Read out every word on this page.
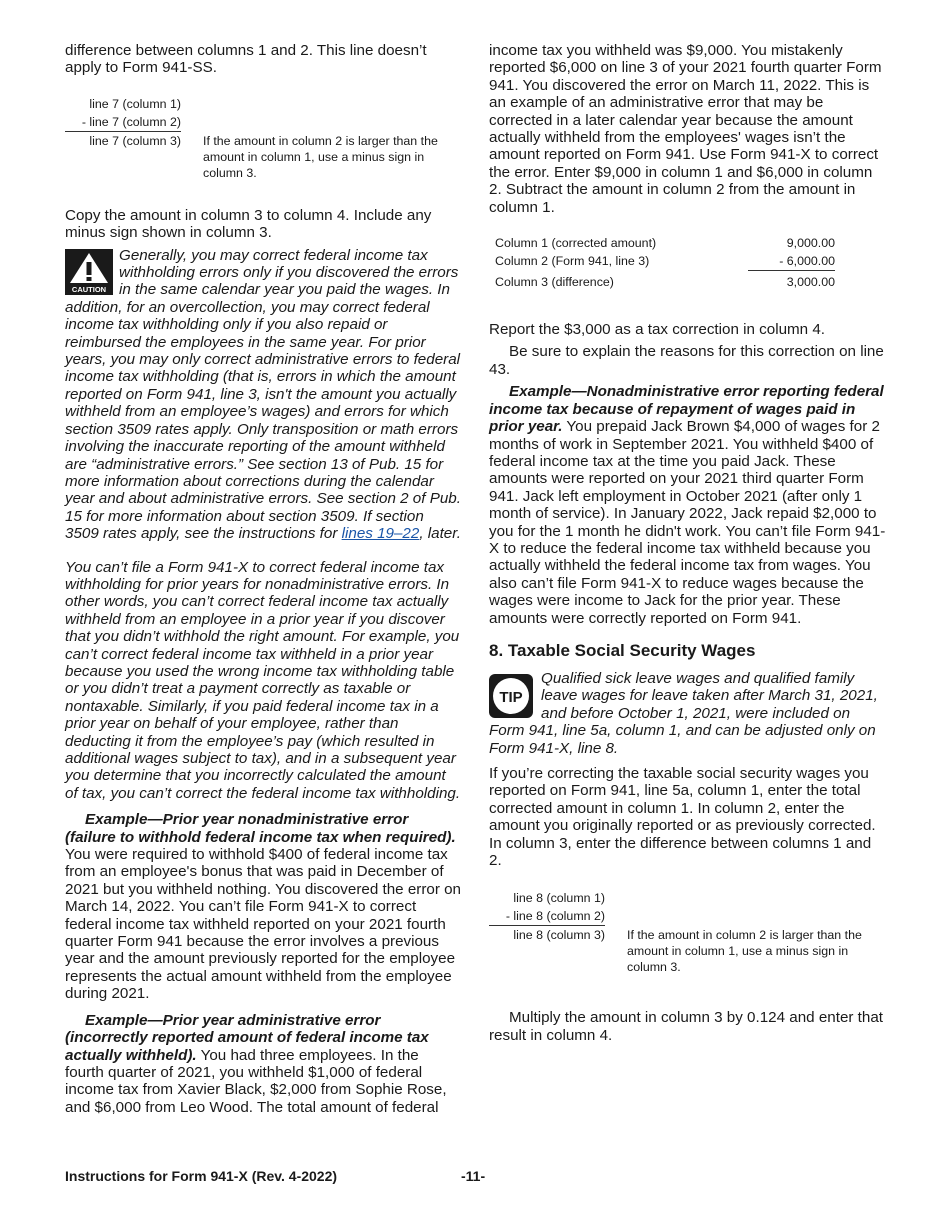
difference between columns 1 and 2. This line doesn’t apply to Form 941-SS.

line 7 (column 1)
- line 7 (column 2)
line 7 (column 3) If the amount in column 2 is larger than the amount in column 1, use a minus sign in column 3.

Copy the amount in column 3 to column 4. Include any minus sign shown in column 3.

CAUTION

Generally, you may correct federal income tax withholding errors only if you discovered the errors in the same calendar year you paid the wages. In addition, for an overcollection, you may correct federal income tax withholding only if you also repaid or reimbursed the employees in the same year. For prior years, you may only correct administrative errors to federal income tax withholding (that is, errors in which the amount reported on Form 941, line 3, isn't the amount you actually withheld from an employee’s wages) and errors for which section 3509 rates apply. Only transposition or math errors involving the inaccurate reporting of the amount withheld are “administrative errors.” See section 13 of Pub. 15 for more information about corrections during the calendar year and about administrative errors. See section 2 of Pub. 15 for more information about section 3509. If section 3509 rates apply, see the instructions for lines 19–22, later.

You can’t file a Form 941-X to correct federal income tax withholding for prior years for nonadministrative errors. In other words, you can’t correct federal income tax actually withheld from an employee in a prior year if you discover that you didn’t withhold the right amount. For example, you can’t correct federal income tax withheld in a prior year because you used the wrong income tax withholding table or you didn’t treat a payment correctly as taxable or nontaxable. Similarly, if you paid federal income tax in a prior year on behalf of your employee, rather than deducting it from the employee’s pay (which resulted in additional wages subject to tax), and in a subsequent year you determine that you incorrectly calculated the amount of tax, you can’t correct the federal income tax withholding.

Example—Prior year nonadministrative error (failure to withhold federal income tax when required). You were required to withhold $400 of federal income tax from an employee's bonus that was paid in December of 2021 but you withheld nothing. You discovered the error on March 14, 2022. You can’t file Form 941-X to correct federal income tax withheld reported on your 2021 fourth quarter Form 941 because the error involves a previous year and the amount previously reported for the employee represents the actual amount withheld from the employee during 2021.

Example—Prior year administrative error (incorrectly reported amount of federal income tax actually withheld). You had three employees. In the fourth quarter of 2021, you withheld $1,000 of federal income tax from Xavier Black, $2,000 from Sophie Rose, and $6,000 from Leo Wood. The total amount of federal

income tax you withheld was $9,000. You mistakenly reported $6,000 on line 3 of your 2021 fourth quarter Form 941. You discovered the error on March 11, 2022. This is an example of an administrative error that may be corrected in a later calendar year because the amount actually withheld from the employees' wages isn’t the amount reported on Form 941. Use Form 941-X to correct the error. Enter $9,000 in column 1 and $6,000 in column 2. Subtract the amount in column 2 from the amount in column 1.

Column 1 (corrected amount)	9,000.00
Column 2 (Form 941, line 3)	- 6,000.00
Column 3 (difference)	3,000.00

Report the $3,000 as a tax correction in column 4.

Be sure to explain the reasons for this correction on line 43.

Example—Nonadministrative error reporting federal income tax because of repayment of wages paid in prior year. You prepaid Jack Brown $4,000 of wages for 2 months of work in September 2021. You withheld $400 of federal income tax at the time you paid Jack. These amounts were reported on your 2021 third quarter Form 941. Jack left employment in October 2021 (after only 1 month of service). In January 2022, Jack repaid $2,000 to you for the 1 month he didn't work. You can’t file Form 941-X to reduce the federal income tax withheld because you actually withheld the federal income tax from wages. You also can’t file Form 941-X to reduce wages because the wages were income to Jack for the prior year. These amounts were correctly reported on Form 941.

8. Taxable Social Security Wages
TIP

Qualified sick leave wages and qualified family leave wages for leave taken after March 31, 2021, and before October 1, 2021, were included on Form 941, line 5a, column 1, and can be adjusted only on Form 941-X, line 8.

If you’re correcting the taxable social security wages you reported on Form 941, line 5a, column 1, enter the total corrected amount in column 1. In column 2, enter the amount you originally reported or as previously corrected. In column 3, enter the difference between columns 1 and 2.

line 8 (column 1)
- line 8 (column 2)
line 8 (column 3) If the amount in column 2 is larger than the amount in column 1, use a minus sign in column 3.

Multiply the amount in column 3 by 0.124 and enter that result in column 4.

Instructions for Form 941-X (Rev. 4-2022)	-11-
